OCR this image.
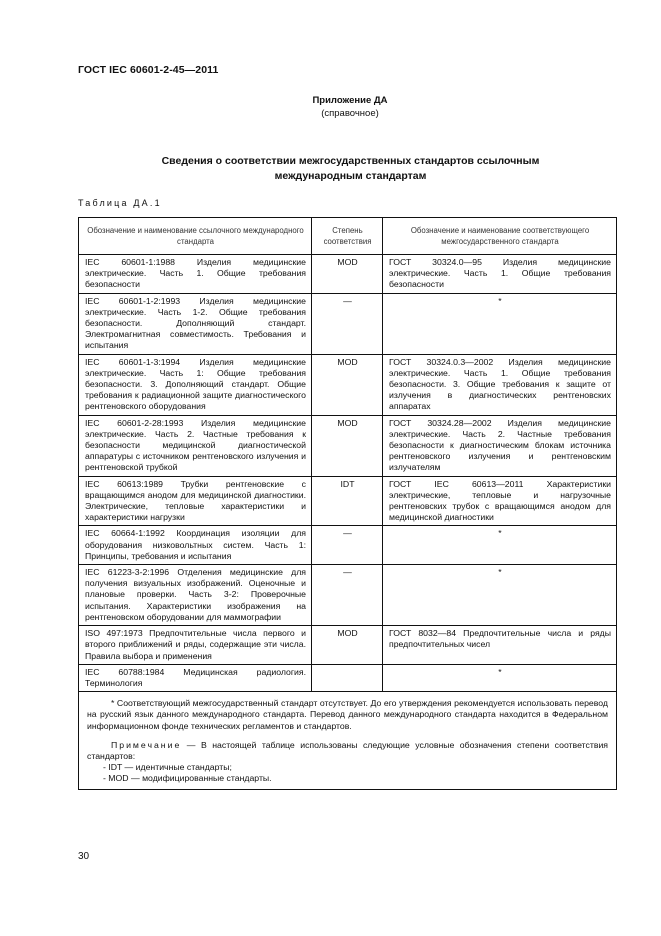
ГОСТ IEC 60601-2-45—2011
Приложение ДА
(справочное)
Сведения о соответствии межгосударственных стандартов ссылочным
международным стандартам
Таблица ДА.1
Обозначение и наименование ссылочного международного стандарта	Степень соответствия	Обозначение и наименование соответствующего межгосударственного стандарта
IEC 60601-1:1988 Изделия медицинские электрические. Часть 1. Общие требования безопасности	MOD	ГОСТ 30324.0—95 Изделия медицинские электрические. Часть 1. Общие требования безопасности
IEC 60601-1-2:1993 Изделия медицинские электрические. Часть 1-2. Общие требования безопасности. Дополняющий стандарт. Электромагнитная совместимость. Требования и испытания	—	*
IEC 60601-1-3:1994 Изделия медицинские электрические. Часть 1: Общие требования безопасности. 3. Дополняющий стандарт. Общие требования к радиационной защите диагностического рентгеновского оборудования	MOD	ГОСТ 30324.0.3—2002 Изделия медицинские электрические. Часть 1. Общие требования безопасности. 3. Общие требования к защите от излучения в диагностических рентгеновских аппаратах
IEC 60601-2-28:1993 Изделия медицинские электрические. Часть 2. Частные требования к безопасности медицинской диагностической аппаратуры с источником рентгеновского излучения и рентгеновской трубкой	MOD	ГОСТ 30324.28—2002 Изделия медицинские электрические. Часть 2. Частные требования безопасности к диагностическим блокам источника рентгеновского излучения и рентгеновским излучателям
IEC 60613:1989 Трубки рентгеновские с вращающимся анодом для медицинской диагностики. Электрические, тепловые характеристики и характеристики нагрузки	IDT	ГОСТ IEC 60613—2011 Характеристики электрические, тепловые и нагрузочные рентгеновских трубок с вращающимся анодом для медицинской диагностики
IEC 60664-1:1992 Координация изоляции для оборудования низковольтных систем. Часть 1: Принципы, требования и испытания	—	*
IEC 61223-3-2:1996 Отделения медицинские для получения визуальных изображений. Оценочные и плановые проверки. Часть 3-2: Проверочные испытания. Характеристики изображения на рентгеновском оборудовании для маммографии	—	*
ISO 497:1973 Предпочтительные числа первого и второго приближений и ряды, содержащие эти числа. Правила выбора и применения	MOD	ГОСТ 8032—84 Предпочтительные числа и ряды предпочтительных чисел
IEC 60788:1984 Медицинская радиология. Терминология		*

* Соответствующий межгосударственный стандарт отсутствует. До его утверждения рекомендуется использовать перевод на русский язык данного международного стандарта. Перевод данного международного стандарта находится в Федеральном информационном фонде технических регламентов и стандартов.

Примечание — В настоящей таблице использованы следующие условные обозначения степени соответствия стандартов:

- IDT — идентичные стандарты;
- MOD — модифицированные стандарты.		
30
